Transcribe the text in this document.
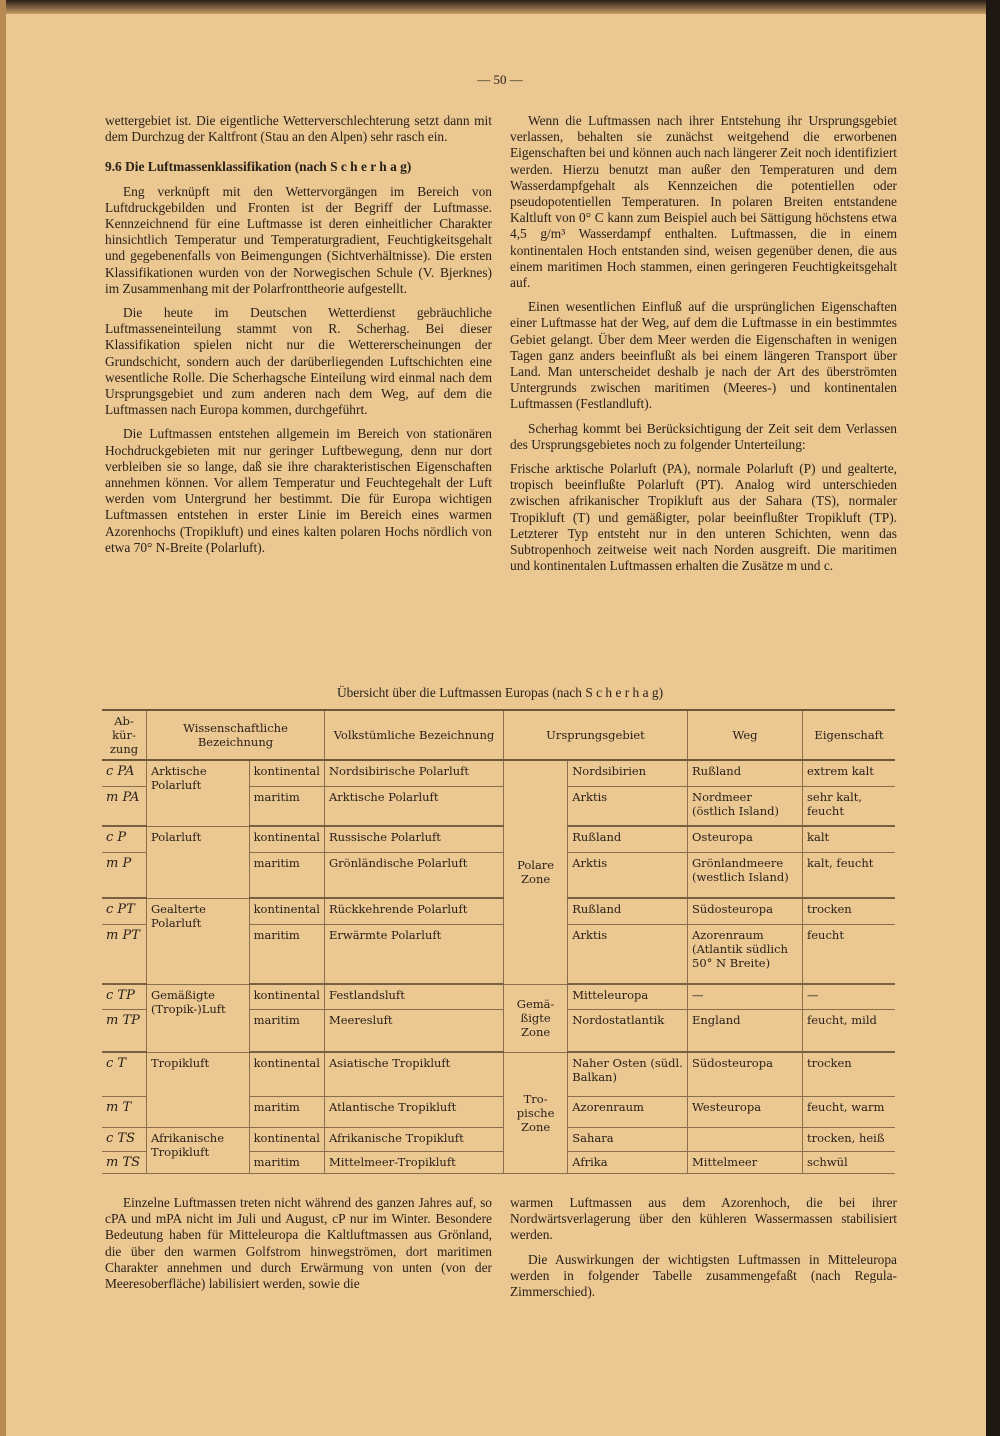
— 50 —

wettergebiet ist. Die eigentliche Wetterverschlechterung setzt dann mit dem Durchzug der Kaltfront (Stau an den Alpen) sehr rasch ein.

9.6 Die Luftmassenklassifikation (nach S c h e r h a g)

Eng verknüpft mit den Wettervorgängen im Bereich von Luftdruckgebilden und Fronten ist der Begriff der Luftmasse. Kennzeichnend für eine Luftmasse ist deren einheitlicher Charakter hinsichtlich Temperatur und Temperaturgradient, Feuchtigkeitsgehalt und gegebenenfalls von Beimengungen (Sichtverhältnisse). Die ersten Klassifikationen wurden von der Norwegischen Schule (V. Bjerknes) im Zusammenhang mit der Polarfronttheorie aufgestellt.

Die heute im Deutschen Wetterdienst gebräuchliche Luftmasseneinteilung stammt von R. Scherhag. Bei dieser Klassifikation spielen nicht nur die Wettererscheinungen der Grundschicht, sondern auch der darüberliegenden Luftschichten eine wesentliche Rolle. Die Scherhagsche Einteilung wird einmal nach dem Ursprungsgebiet und zum anderen nach dem Weg, auf dem die Luftmassen nach Europa kommen, durchgeführt.

Die Luftmassen entstehen allgemein im Bereich von stationären Hochdruckgebieten mit nur geringer Luftbewegung, denn nur dort verbleiben sie so lange, daß sie ihre charakteristischen Eigenschaften annehmen können. Vor allem Temperatur und Feuchtegehalt der Luft werden vom Untergrund her bestimmt. Die für Europa wichtigen Luftmassen entstehen in erster Linie im Bereich eines warmen Azorenhochs (Tropikluft) und eines kalten polaren Hochs nördlich von etwa 70° N-Breite (Polarluft).

Wenn die Luftmassen nach ihrer Entstehung ihr Ursprungsgebiet verlassen, behalten sie zunächst weitgehend die erworbenen Eigenschaften bei und können auch nach längerer Zeit noch identifiziert werden. Hierzu benutzt man außer den Temperaturen und dem Wasserdampfgehalt als Kennzeichen die potentiellen oder pseudopotentiellen Temperaturen. In polaren Breiten entstandene Kaltluft von 0° C kann zum Beispiel auch bei Sättigung höchstens etwa 4,5 g/m³ Wasserdampf enthalten. Luftmassen, die in einem kontinentalen Hoch entstanden sind, weisen gegenüber denen, die aus einem maritimen Hoch stammen, einen geringeren Feuchtigkeitsgehalt auf.

Einen wesentlichen Einfluß auf die ursprünglichen Eigenschaften einer Luftmasse hat der Weg, auf dem die Luftmasse in ein bestimmtes Gebiet gelangt. Über dem Meer werden die Eigenschaften in wenigen Tagen ganz anders beeinflußt als bei einem längeren Transport über Land. Man unterscheidet deshalb je nach der Art des überströmten Untergrunds zwischen maritimen (Meeres-) und kontinentalen Luftmassen (Festlandluft).

Scherhag kommt bei Berücksichtigung der Zeit seit dem Verlassen des Ursprungsgebietes noch zu folgender Unterteilung:

Frische arktische Polarluft (PA), normale Polarluft (P) und gealterte, tropisch beeinflußte Polarluft (PT). Analog wird unterschieden zwischen afrikanischer Tropikluft aus der Sahara (TS), normaler Tropikluft (T) und gemäßigter, polar beeinflußter Tropikluft (TP). Letzterer Typ entsteht nur in den unteren Schichten, wenn das Subtropenhoch zeitweise weit nach Norden ausgreift. Die maritimen und kontinentalen Luftmassen erhalten die Zusätze m und c.

Übersicht über die Luftmassen Europas (nach S c h e r h a g)
Ab-kür-zung	Wissenschaftliche Bezeichnung		Volkstümliche Bezeichnung	Ursprungsgebiet		Weg	Eigenschaft
c PA	Arktische Polarluft	kontinental	Nordsibirische Polarluft	Polare Zone	Nordsibirien	Rußland	extrem kalt
m PA		maritim	Arktische Polarluft		Arktis	Nordmeer (östlich Island)	sehr kalt, feucht
c P	Polarluft	kontinental	Russische Polarluft		Rußland	Osteuropa	kalt
m P		maritim	Grönländische Polarluft		Arktis	Grönlandmeere (westlich Island)	kalt, feucht
c PT	Gealterte Polarluft	kontinental	Rückkehrende Polarluft		Rußland	Südosteuropa	trocken
m PT		maritim	Erwärmte Polarluft		Arktis	Azorenraum (Atlantik südlich 50° N Breite)	feucht
c TP	Gemäßigte (Tropik-)Luft	kontinental	Festlandsluft	Gemä-ßigte Zone	Mitteleuropa	—	—
m TP		maritim	Meeresluft		Nordostatlantik	England	feucht, mild
c T	Tropikluft	kontinental	Asiatische Tropikluft	Tro-pische Zone	Naher Osten (südl. Balkan)	Südosteuropa	trocken
m T		maritim	Atlantische Tropikluft		Azorenraum	Westeuropa	feucht, warm
c TS	Afrikanische Tropikluft	kontinental	Afrikanische Tropikluft		Sahara		trocken, heiß
m TS		maritim	Mittelmeer-Tropikluft		Afrika	Mittelmeer	schwül

Einzelne Luftmassen treten nicht während des ganzen Jahres auf, so cPA und mPA nicht im Juli und August, cP nur im Winter. Besondere Bedeutung haben für Mitteleuropa die Kaltluftmassen aus Grönland, die über den warmen Golfstrom hinwegströmen, dort maritimen Charakter annehmen und durch Erwärmung von unten (von der Meeresoberfläche) labilisiert werden, sowie die

warmen Luftmassen aus dem Azorenhoch, die bei ihrer Nordwärtsverlagerung über den kühleren Wassermassen stabilisiert werden.

Die Auswirkungen der wichtigsten Luftmassen in Mitteleuropa werden in folgender Tabelle zusammengefaßt (nach Regula-Zimmerschied).
